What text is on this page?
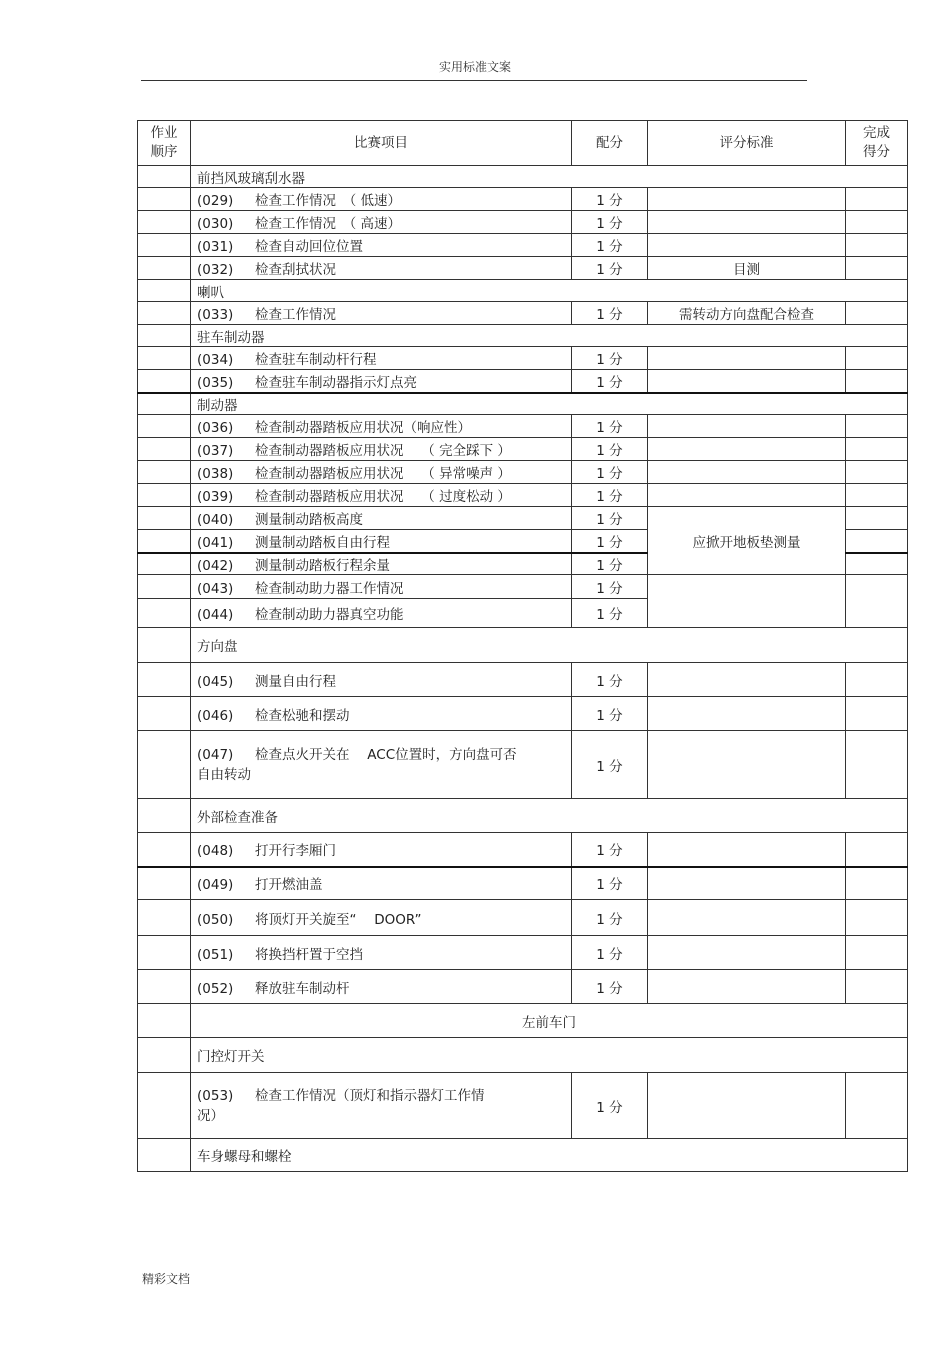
实用标准文案
作业
顺序	比赛项目	配分	评分标准	完成
得分
	前挡风玻璃刮水器			
	(029) 检查工作情况　（ 低速）	1 分		
	(030) 检查工作情况　（ 高速）	1 分		
	(031) 检查自动回位位置	1 分		
	(032) 检查刮拭状况	1 分	目测	
	喇叭			
	(033) 检查工作情况	1 分	需转动方向盘配合检查	
	驻车制动器			
	(034) 检查驻车制动杆行程	1 分		
	(035) 检查驻车制动器指示灯点亮	1 分		
	制动器			
	(036) 检查制动器踏板应用状况（响应性）	1 分		
	(037) 检查制动器踏板应用状况　 （ 完全踩下 ）	1 分		
	(038) 检查制动器踏板应用状况　 （ 异常噪声 ）	1 分		
	(039) 检查制动器踏板应用状况　 （ 过度松动 ）	1 分		
	(040) 测量制动踏板高度	1 分	应掀开地板垫测量	
	(041) 测量制动踏板自由行程	1 分		
	(042) 测量制动踏板行程余量	1 分		
	(043) 检查制动助力器工作情况	1 分		
	(044) 检查制动助力器真空功能	1 分		
	方向盘			
	(045) 测量自由行程	1 分		
	(046) 检查松驰和摆动	1 分		
	(047) 检查点火开关在　 ACC位置时，方向盘可否
自由转动	1 分		
	外部检查准备			
	(048) 打开行李厢门	1 分		
	(049) 打开燃油盖	1 分		
	(050) 将顶灯开关旋至“　 DOOR”	1 分		
	(051) 将换挡杆置于空挡	1 分		
	(052) 释放驻车制动杆	1 分		
	左前车门			
	门控灯开关			
	(053) 检查工作情况（顶灯和指示器灯工作情
况）	1 分		
	车身螺母和螺栓			
精彩文档
